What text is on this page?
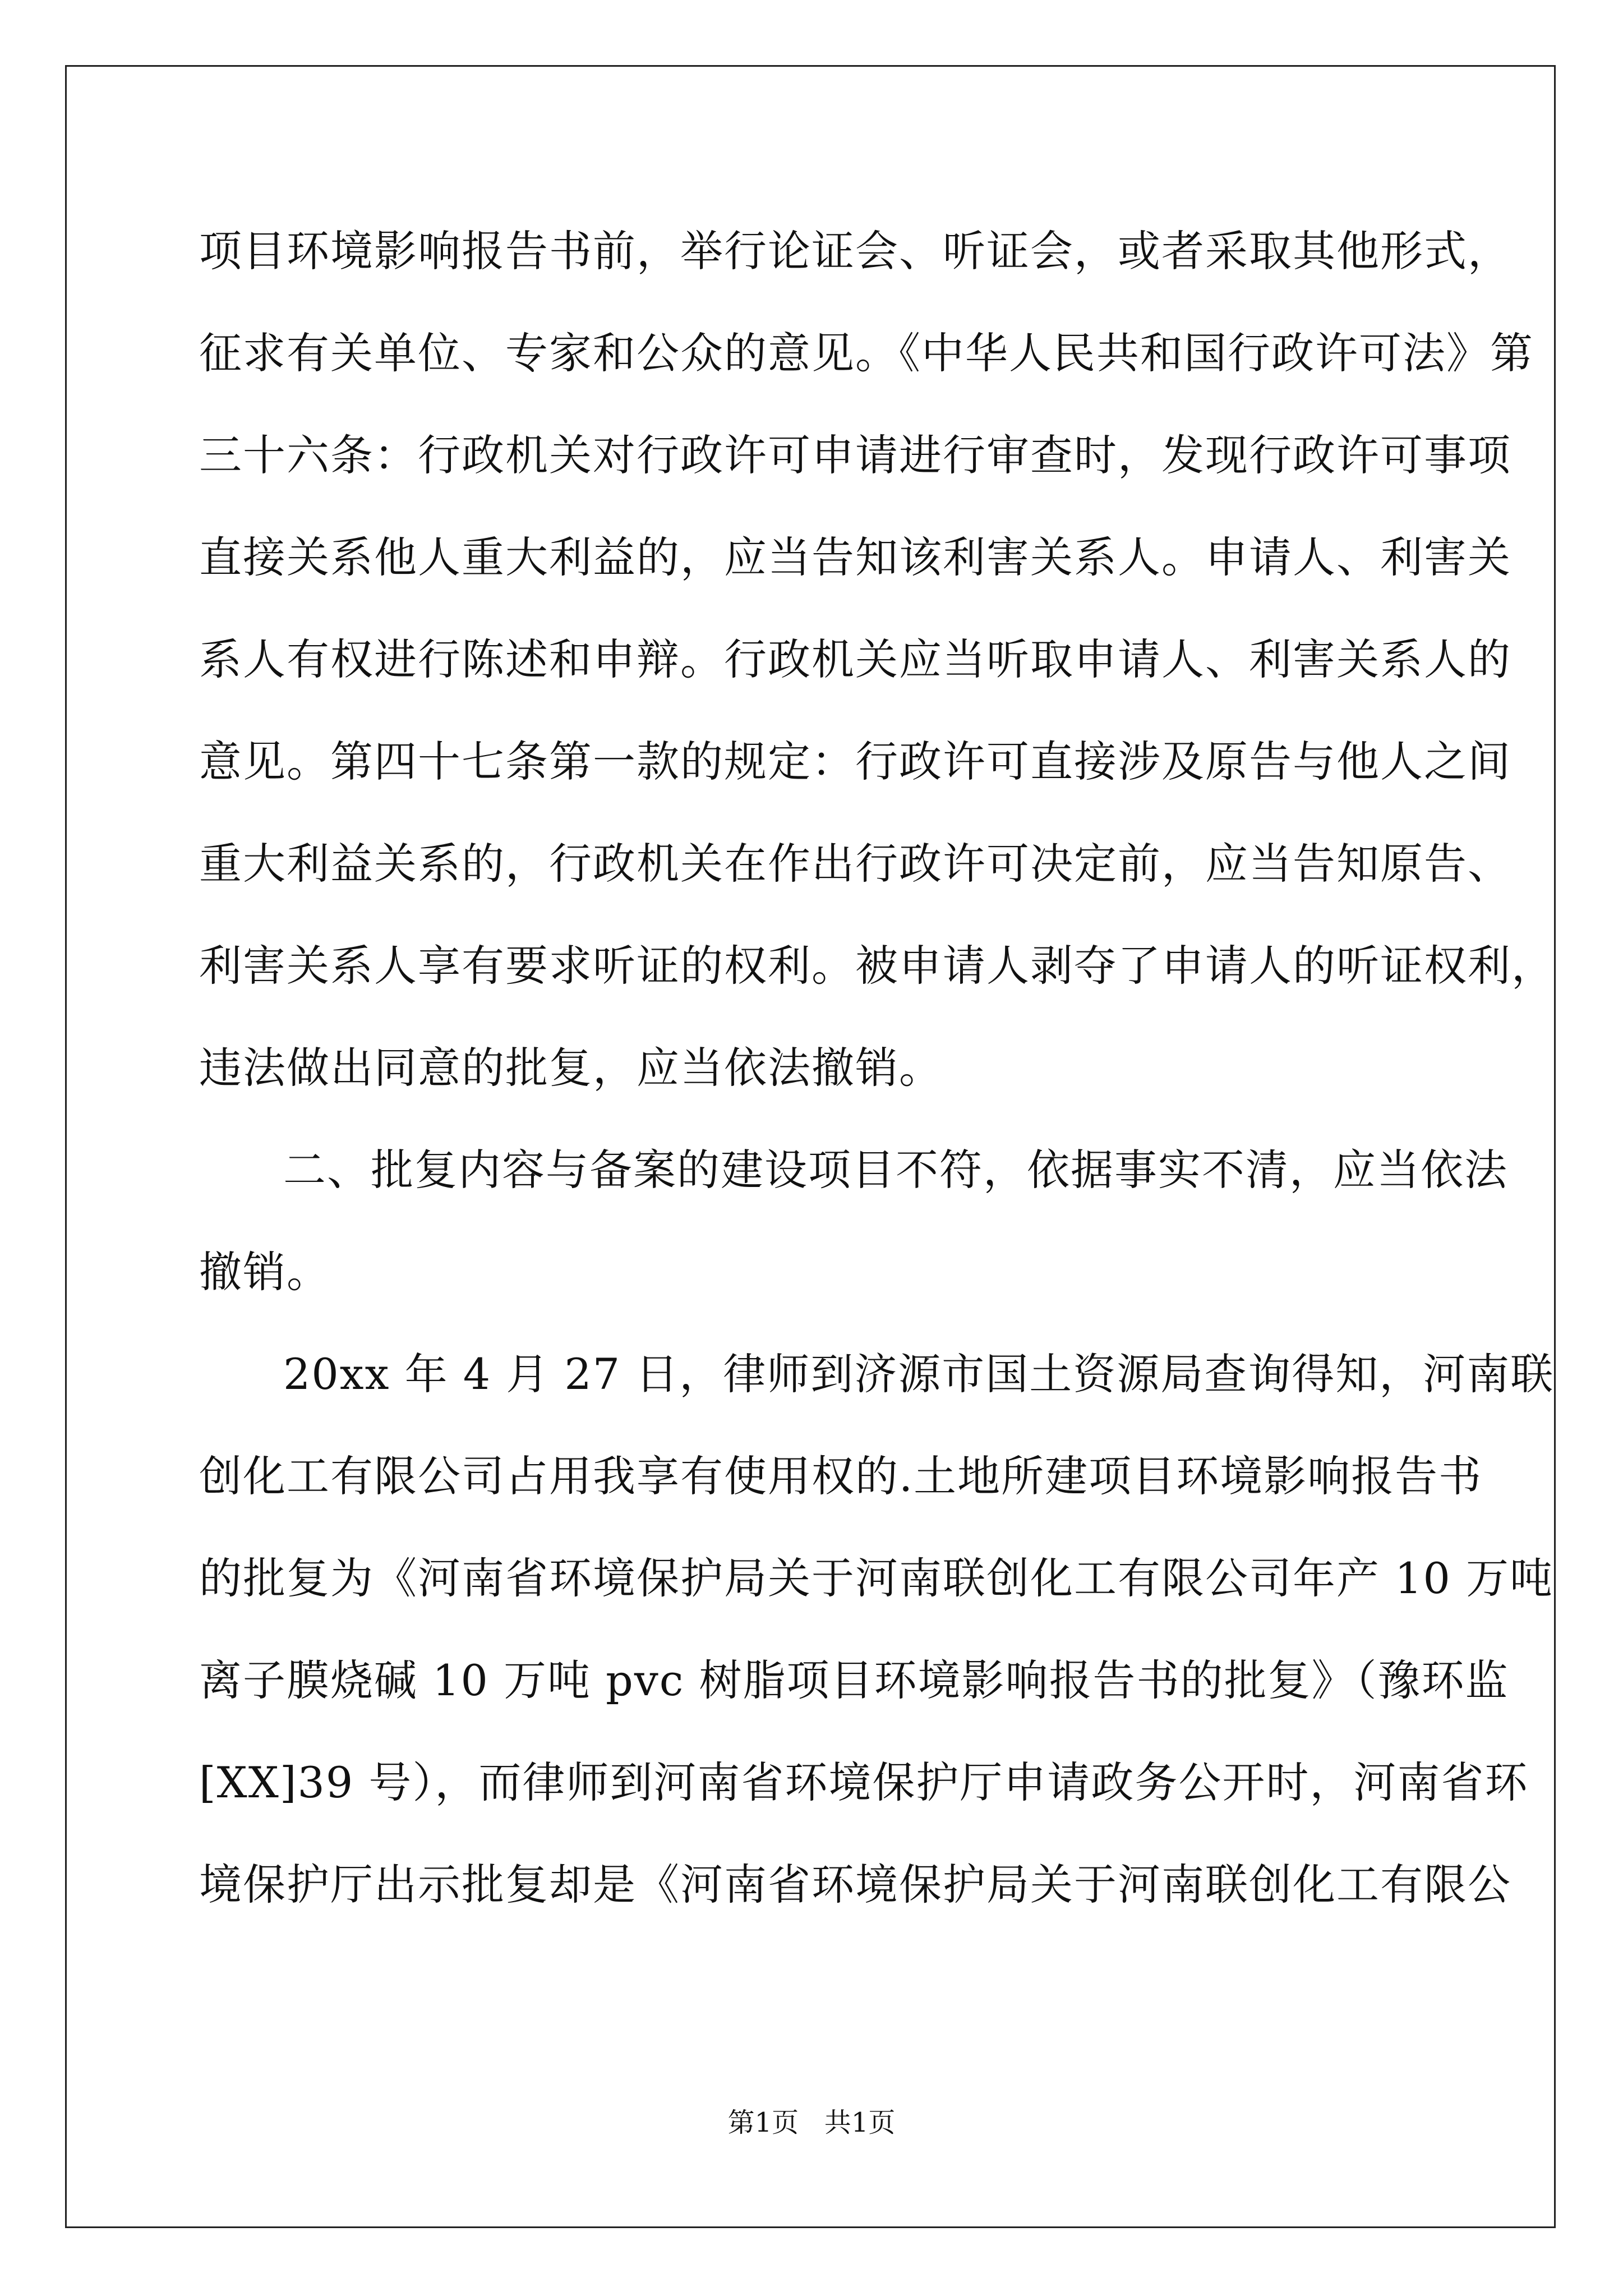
项目环境影响报告书前，举行论证会、听证会，或者采取其他形式，
征求有关单位、专家和公众的意见。《中华人民共和国行政许可法》第
三十六条：行政机关对行政许可申请进行审查时，发现行政许可事项
直接关系他人重大利益的，应当告知该利害关系人。申请人、利害关
系人有权进行陈述和申辩。行政机关应当听取申请人、利害关系人的
意见。第四十七条第一款的规定：行政许可直接涉及原告与他人之间
重大利益关系的，行政机关在作出行政许可决定前，应当告知原告、
利害关系人享有要求听证的权利。被申请人剥夺了申请人的听证权利，
违法做出同意的批复，应当依法撤销。
二、批复内容与备案的建设项目不符，依据事实不清，应当依法
撤销。
20xx 年 4 月 27 日，律师到济源市国土资源局查询得知，河南联
创化工有限公司占用我享有使用权的.土地所建项目环境影响报告书
的批复为《河南省环境保护局关于河南联创化工有限公司年产 10 万吨
离子膜烧碱 10 万吨 pvc 树脂项目环境影响报告书的批复》（豫环监
[XX]39 号），而律师到河南省环境保护厅申请政务公开时，河南省环
境保护厅出示批复却是《河南省环境保护局关于河南联创化工有限公
第1页   共1页
